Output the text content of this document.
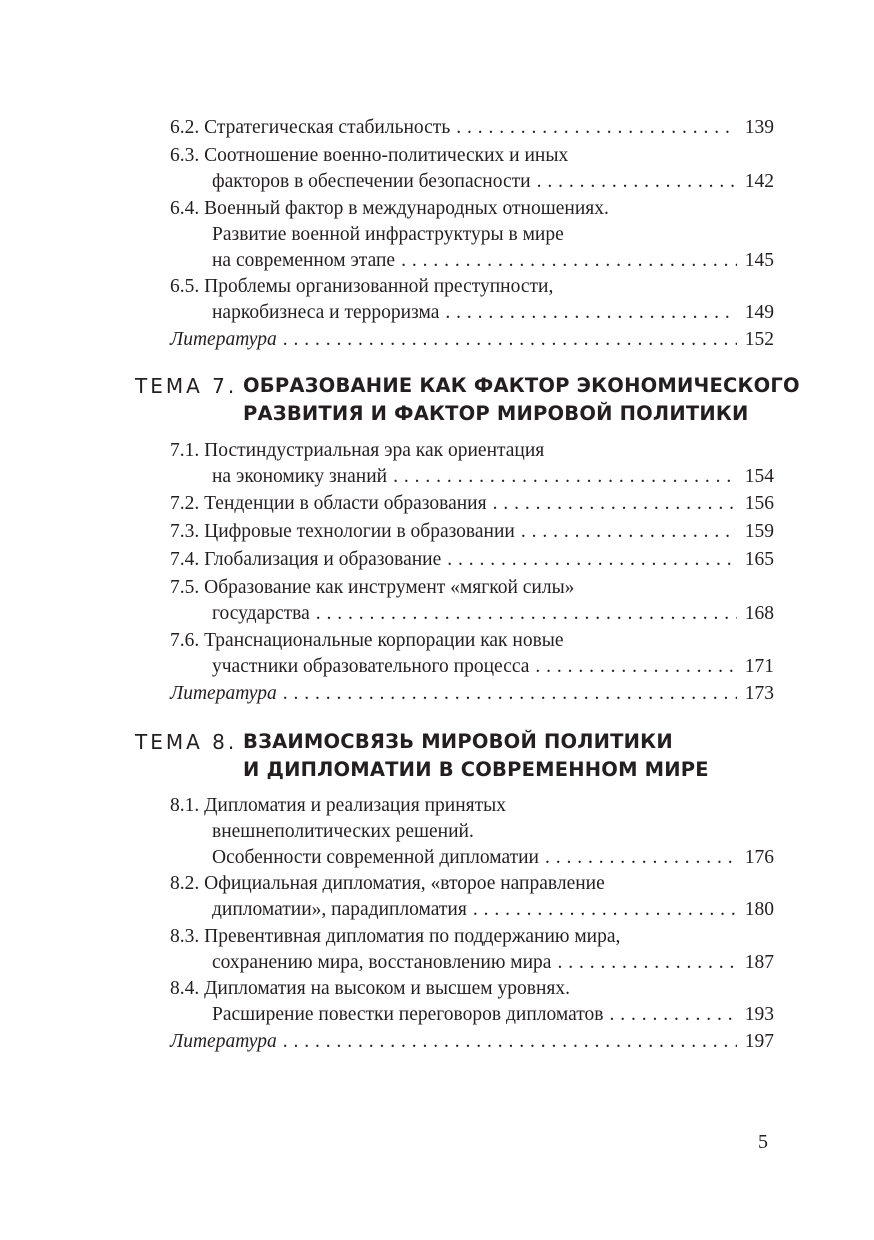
6.2. Стратегическая стабильность . . .	139
6.3. Соотношение военно-политических и иных
факторов в обеспечении безопасности . . .	142
6.4. Военный фактор в международных отношениях.
Развитие военной инфраструктуры в мире
на современном этапе . . .	145
6.5. Проблемы организованной преступности,
наркобизнеса и терроризма . . .	149
Литература . . .	152
ТЕМА 7. ОБРАЗОВАНИЕ КАК ФАКТОР ЭКОНОМИЧЕСКОГО
РАЗВИТИЯ И ФАКТОР МИРОВОЙ ПОЛИТИКИ
7.1. Постиндустриальная эра как ориентация
на экономику знаний . . .	154
7.2. Тенденции в области образования . . .	156
7.3. Цифровые технологии в образовании . . .	159
7.4. Глобализация и образование . . .	165
7.5. Образование как инструмент «мягкой силы»
государства . . .	168
7.6. Транснациональные корпорации как новые
участники образовательного процесса . . .	171
Литература . . .	173
ТЕМА 8. ВЗАИМОСВЯЗЬ МИРОВОЙ ПОЛИТИКИ
И ДИПЛОМАТИИ В СОВРЕМЕННОМ МИРЕ
8.1. Дипломатия и реализация принятых
внешнеполитических решений.
Особенности современной дипломатии . . .	176
8.2. Официальная дипломатия, «второе направление
дипломатии», парадипломатия . . .	180
8.3. Превентивная дипломатия по поддержанию мира,
сохранению мира, восстановлению мира . . .	187
8.4. Дипломатия на высоком и высшем уровнях.
Расширение повестки переговоров дипломатов . . .	193
Литература . . .	197
5
